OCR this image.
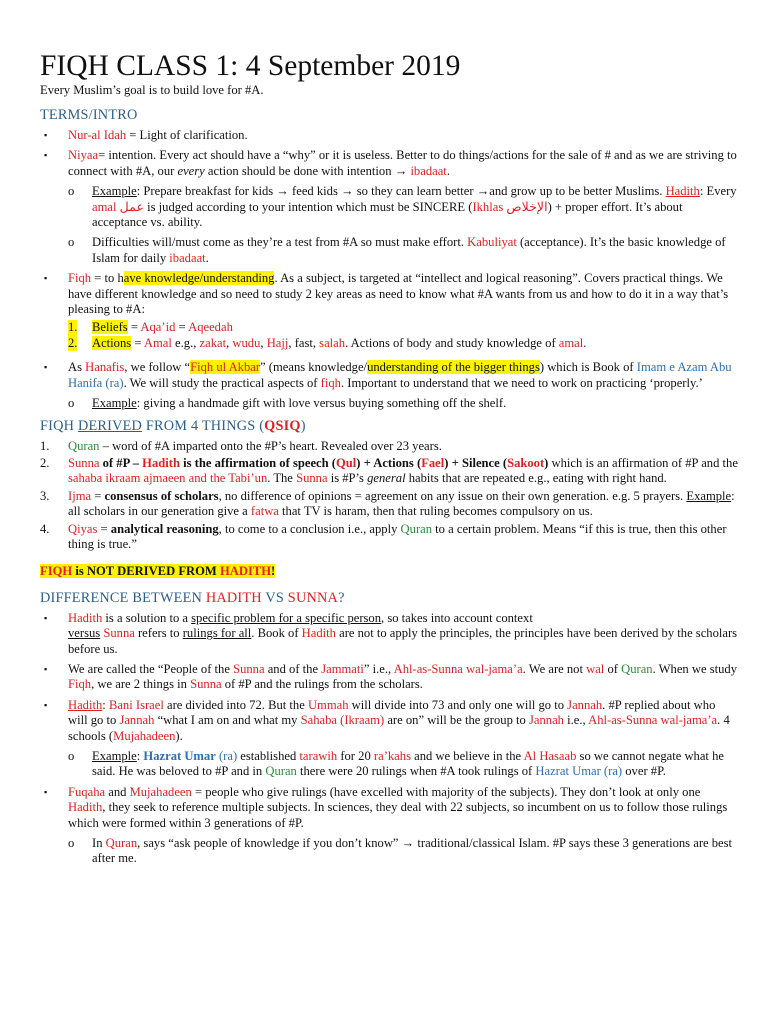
FIQH CLASS 1: 4 September 2019
Every Muslim’s goal is to build love for #A.
TERMS/INTRO
▪ Nur-al Idah = Light of clarification.
▪ Niyaa= intention. Every act should have a “why” or it is useless. Better to do things/actions for the sale of # and as we are striving to connect with #A, our every action should be done with intention → ibadaat.
o Example: Prepare breakfast for kids → feed kids → so they can learn better →and grow up to be better Muslims. Hadith: Every amal عمل is judged according to your intention which must be SINCERE (Ikhlas الإخلاص) + proper effort. It’s about acceptance vs. ability.
o Difficulties will/must come as they’re a test from #A so must make effort. Kabuliyat (acceptance). It’s the basic knowledge of Islam for daily ibadaat.
▪ Fiqh = to have knowledge/understanding. As a subject, is targeted at “intellect and logical reasoning”. Covers practical things. We have different knowledge and so need to study 2 key areas as need to know what #A wants from us and how to do it in a way that’s pleasing to #A:
1. Beliefs = Aqa’id = Aqeedah
2. Actions = Amal e.g., zakat, wudu, Hajj, fast, salah. Actions of body and study knowledge of amal.
▪ As Hanafis, we follow “Fiqh ul Akbar” (means knowledge/understanding of the bigger things) which is Book of Imam e Azam Abu Hanifa (ra). We will study the practical aspects of fiqh. Important to understand that we need to work on practicing ‘properly.’
o Example: giving a handmade gift with love versus buying something off the shelf.
FIQH DERIVED FROM 4 THINGS (QSIQ)
1. Quran – word of #A imparted onto the #P’s heart. Revealed over 23 years.
2. Sunna of #P – Hadith is the affirmation of speech (Qul) + Actions (Fael) + Silence (Sakoot) which is an affirmation of #P and the sahaba ikraam ajmaeen and the Tabi’un. The Sunna is #P’s general habits that are repeated e.g., eating with right hand.
3. Ijma = consensus of scholars, no difference of opinions = agreement on any issue on their own generation. e.g. 5 prayers. Example: all scholars in our generation give a fatwa that TV is haram, then that ruling becomes compulsory on us.
4. Qiyas = analytical reasoning, to come to a conclusion i.e., apply Quran to a certain problem. Means “if this is true, then this other thing is true.”
FIQH is NOT DERIVED FROM HADITH!
DIFFERENCE BETWEEN HADITH VS SUNNA?
▪ Hadith is a solution to a specific problem for a specific person, so takes into account context
versus Sunna refers to rulings for all. Book of Hadith are not to apply the principles, the principles have been derived by the scholars before us.
▪ We are called the “People of the Sunna and of the Jammati” i.e., Ahl-as-Sunna wal-jama’a. We are not wal of Quran. When we study Fiqh, we are 2 things in Sunna of #P and the rulings from the scholars.
▪ Hadith: Bani Israel are divided into 72. But the Ummah will divide into 73 and only one will go to Jannah. #P replied about who will go to Jannah “what I am on and what my Sahaba (Ikraam) are on” will be the group to Jannah i.e., Ahl-as-Sunna wal-jama’a. 4 schools (Mujahadeen).
o Example: Hazrat Umar (ra) established tarawih for 20 ra’kahs and we believe in the Al Hasaab so we cannot negate what he said. He was beloved to #P and in Quran there were 20 rulings when #A took rulings of Hazrat Umar (ra) over #P.
▪ Fuqaha and Mujahadeen = people who give rulings (have excelled with majority of the subjects). They don’t look at only one Hadith, they seek to reference multiple subjects. In sciences, they deal with 22 subjects, so incumbent on us to follow those rulings which were formed within 3 generations of #P.
o In Quran, says “ask people of knowledge if you don’t know” → traditional/classical Islam. #P says these 3 generations are best after me.
